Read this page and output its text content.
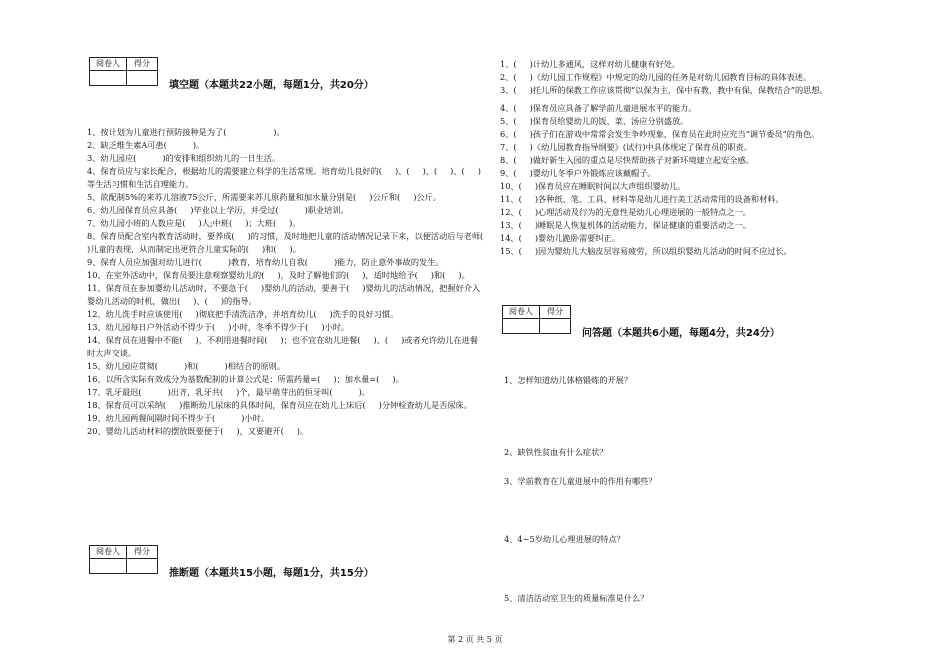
阅卷人	得分

填空题（本题共22小题，每题1分，共20分）
1、按计划为儿童进行预防接种是为了(                  )。
2、缺乏维生素A可患(          )。
3、幼儿园应(          )的安排和组织幼儿的一日生活。
4、保育员应与家长配合，根据幼儿的需要建立科学的生活常规。培育幼儿良好的(     )、(     )、(     )、(     )等生活习惯和生活自理能力。
5、欲配制5%的来苏儿溶液75公斤，所需要来苏儿原药量和加水量分别是(     )公斤和(     )公斤。
6、幼儿园保育员应具备(     )毕业以上学历，并受过(          )职业培训。
7、幼儿园小班的人数应是(     )人;中班(     )；大班(     )。
8、保育员配合室内教育活动时，要养成(     )的习惯，及时地把儿童的活动情况记录下来，以便活动后与老师(     )儿童的表现，从而制定出更符合儿童实际的(     )和(     )。
9、保育人员应加强对幼儿进行(          )教育，培育幼儿自我(          )能力，防止意外事故的发生。
10、在室外活动中，保育员要注意观察婴幼儿的(     )，及时了解他们的(     )，适时地给予(     )和(     )。
11、保育员在参加婴幼儿活动时，不要急于(     )婴幼儿的活动，要善于(     )婴幼儿的活动情况，把握好介入婴幼儿活动的时机，做出(     )、(     )的指导。
12、幼儿洗手时应该使用(     )彻底把手清洗洁净，并培育幼儿(     )洗手的良好习惯。
13、幼儿园每日户外活动不得少于(     )小时，冬季不得少于(     )小时。
14、保育员在进餐中不能(     )，不利用进餐时间(     )；也不宜在幼儿进餐(     )、(     )或者允许幼儿在进餐时大声交谈。
15、幼儿园应贯彻(          )和(          )相结合的原则。
16、以所含实际有效成分为基数配制的计算公式是：所需药量=(     )；加水量=(     )。
17、乳牙最迟(          )出齐，乳牙共(     )个，最早萌芽出的恒牙叫(          )。
18、保育员可以采纳(     )推断幼儿尿床的具体时间，保育员应在幼儿上床后(     )分钟检查幼儿是否尿床。
19、幼儿园两餐间隔时间不得少于(          )小时。
20、婴幼儿活动材料的摆放既要便于(     )，又要避开(     )。
阅卷人	得分

推断题（本题共15小题，每题1分，共15分）
1、(     )计幼儿多通风，这样对幼儿健康有好处。
2、(     )《幼儿园工作规程》中规定的幼儿园的任务是对幼儿园教育目标的具体表述。
3、(     )托儿所的保教工作应该贯彻“以保为主，保中有教，教中有保，保教结合”的思想。
4、(     )保育员应具备了解学前儿童进展水平的能力。
5、(     )保育员给婴幼儿的饭、菜、汤应分别盛放。
6、(     )孩子们在游戏中常常会发生争吵现象，保育员在此时应充当“调节委员”的角色。
7、(     )《幼儿园教育指导纲要》(试行)中具体规定了保育员的职责。
8、(     )做好新生入园的重点是尽快帮助孩子对新环境建立起安全感。
9、(     )婴幼儿冬季户外锻炼应该戴帽子。
10、(     )保育员应在睡眠时间以大声组织婴幼儿。
11、(     )各种纸、笔、工具、材料等是幼儿进行美工活动常用的设备和材料。
12、(     )心理活动及行为的无意性是幼儿心理进展的一般特点之一。
13、(     )睡眠是人恢复机体的活动能力，保证健康的重要活动之一。
14、(     )婴幼儿跪卧需要纠正。
15、(     )因为婴幼儿大脑皮层容易疲劳，所以组织婴幼儿活动的时间不应过长。
阅卷人	得分

问答题（本题共6小题，每题4分，共24分）
1、怎样知道幼儿体格锻炼的开展？
2、缺铁性贫血有什么症状？
3、学前教育在儿童进展中的作用有哪些？
4、4~5岁幼儿心理进展的特点？
5、清洁活动室卫生的质量标准是什么？
第 2 页 共 5 页
